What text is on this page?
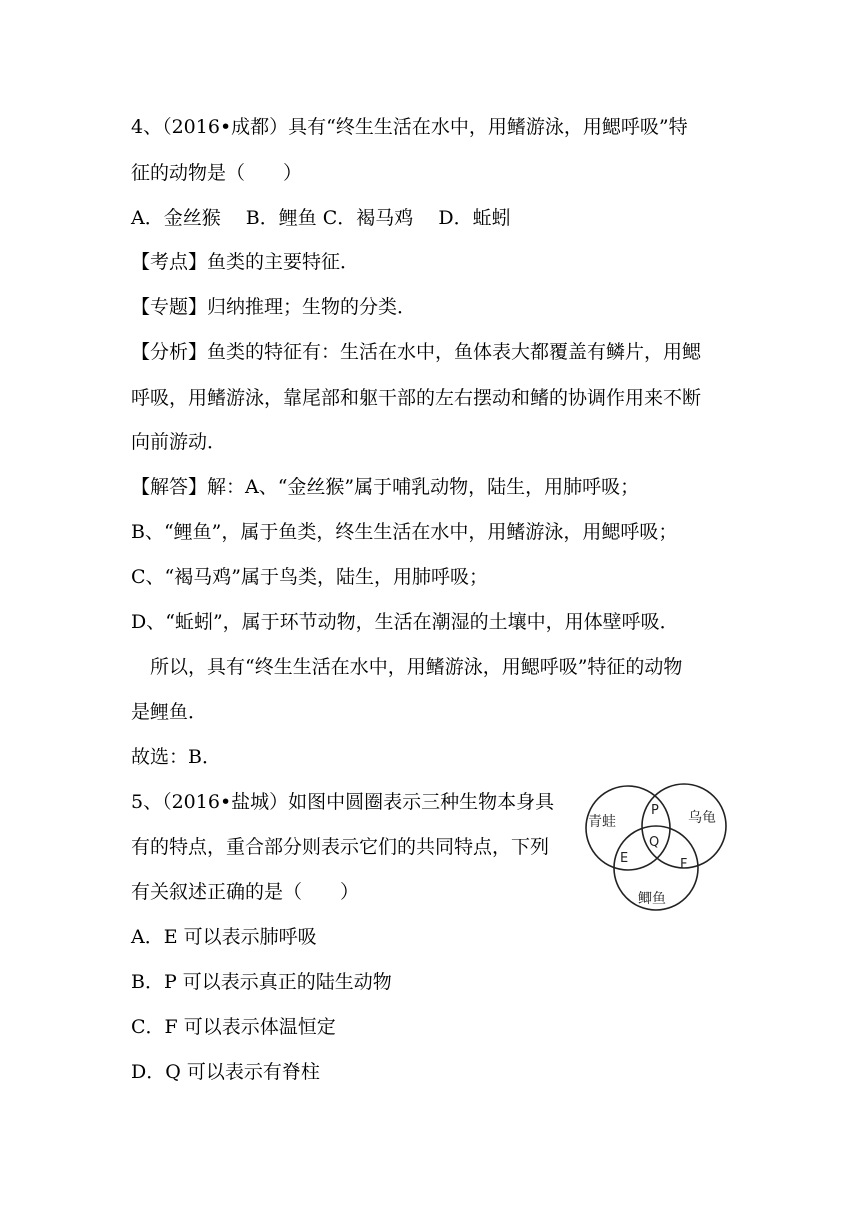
4、（2016•成都）具有“终生生活在水中，用鳍游泳，用鳃呼吸”特
征的动物是（　　）
A．金丝猴　 B．鲤鱼 C．褐马鸡　 D．蚯蚓
【考点】鱼类的主要特征．
【专题】归纳推理；生物的分类．
【分析】鱼类的特征有：生活在水中，鱼体表大都覆盖有鳞片，用鳃
呼吸，用鳍游泳，靠尾部和躯干部的左右摆动和鳍的协调作用来不断
向前游动．
【解答】解：A、“金丝猴”属于哺乳动物，陆生，用肺呼吸；
B、“鲤鱼”，属于鱼类，终生生活在水中，用鳍游泳，用鳃呼吸；
C、“褐马鸡”属于鸟类，陆生，用肺呼吸；
D、“蚯蚓”，属于环节动物，生活在潮湿的土壤中，用体壁呼吸．
所以，具有“终生生活在水中，用鳍游泳，用鳃呼吸”特征的动物
是鲤鱼．
故选：B．
5、（2016•盐城）如图中圆圈表示三种生物本身具
有的特点，重合部分则表示它们的共同特点，下列
有关叙述正确的是（　　）
A．E 可以表示肺呼吸
B．P 可以表示真正的陆生动物
C．F 可以表示体温恒定
D．Q 可以表示有脊柱
青蛙	乌龟
鲫鱼
P
Q
E	F
